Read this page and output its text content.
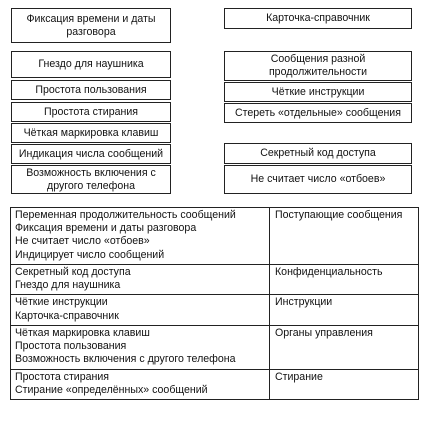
Фиксация времени и даты разговора
Гнездо для наушника
Простота пользования
Простота стирания
Чёткая маркировка клавиш
Индикация числа сообщений
Возможность включения с другого телефона
Карточка-справочник
Сообщения разной продолжительности
Чёткие инструкции
Стереть «отдельные» сообщения
Секретный код доступа
Не считает число «отбоев»
Переменная продолжительность сообщений
Фиксация времени и даты разговора
Не считает число «отбоев»
Индицирует число сообщений	Поступающие сообщения

Секретный код доступа
Гнездо для наушника	Конфиденциальность

Чёткие инструкции
Карточка-справочник	Инструкции

Чёткая маркировка клавиш
Простота пользования
Возможность включения с другого телефона	Органы управления

Простота стирания
Стирание «определённых» сообщений	Стирание
